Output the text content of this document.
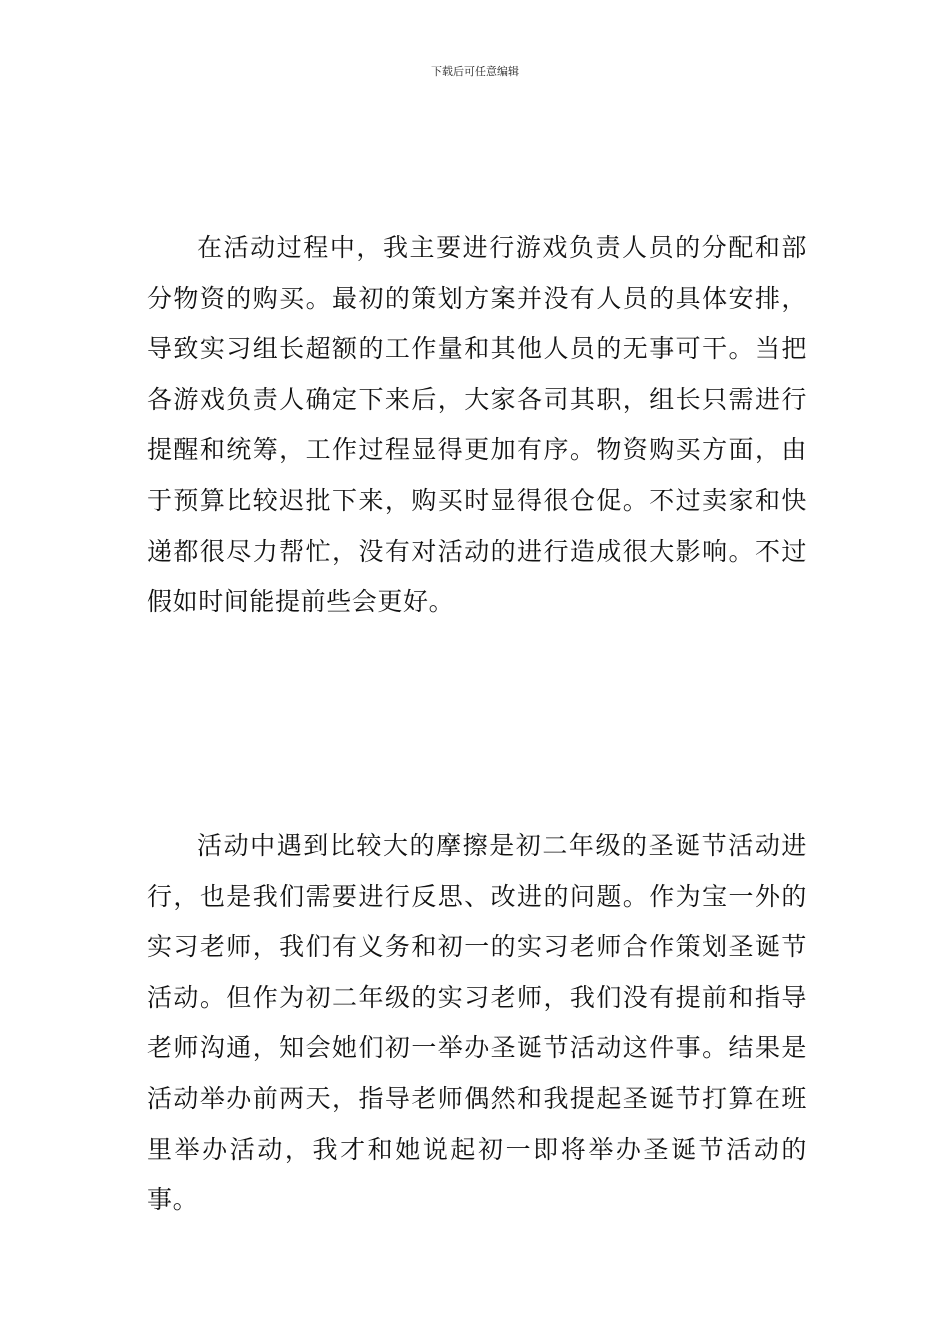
下载后可任意编辑

在活动过程中，我主要进行游戏负责人员的分配和部分物资的购买。最初的策划方案并没有人员的具体安排，导致实习组长超额的工作量和其他人员的无事可干。当把各游戏负责人确定下来后，大家各司其职，组长只需进行提醒和统筹，工作过程显得更加有序。物资购买方面，由于预算比较迟批下来，购买时显得很仓促。不过卖家和快递都很尽力帮忙，没有对活动的进行造成很大影响。不过假如时间能提前些会更好。

活动中遇到比较大的摩擦是初二年级的圣诞节活动进行，也是我们需要进行反思、改进的问题。作为宝一外的实习老师，我们有义务和初一的实习老师合作策划圣诞节活动。但作为初二年级的实习老师，我们没有提前和指导老师沟通，知会她们初一举办圣诞节活动这件事。结果是活动举办前两天，指导老师偶然和我提起圣诞节打算在班里举办活动，我才和她说起初一即将举办圣诞节活动的事。
